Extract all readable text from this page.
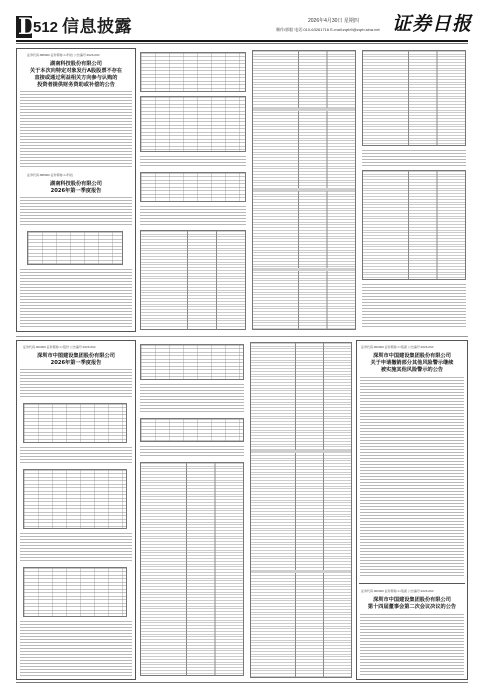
D
512 信息披露	2026年4月30日 星期四
制作/郭毅 电话:010-63261716 E-mail:zqrb9@zqrb.sina.net 证券日报
证券代码:688000 证券简称:××科技 公告编号:2026-000
湖南科技股份有限公司
关于本次向特定对象发行A股股票不存在
直接或通过利益相关方向参与认购的
投资者提供财务资助或补偿的公告
证券代码:688000 证券简称:××科技
湖南科技股份有限公司
2026年第一季度报告
证券代码:000000 证券简称:××股份 公告编号:2026-000
深圳市中图建设集团股份有限公司
2026年第一季度报告
证券代码:000000 证券简称:××集团 公告编号:2026-000
深圳市中国建设集团股份有限公司
关于申请撤销部分其他风险警示继续
被实施其他风险警示的公告
证券代码:000000 证券简称:××集团 公告编号:2026-000
深圳市中国建设集团股份有限公司
第十四届董事会第二次会议决议的公告
